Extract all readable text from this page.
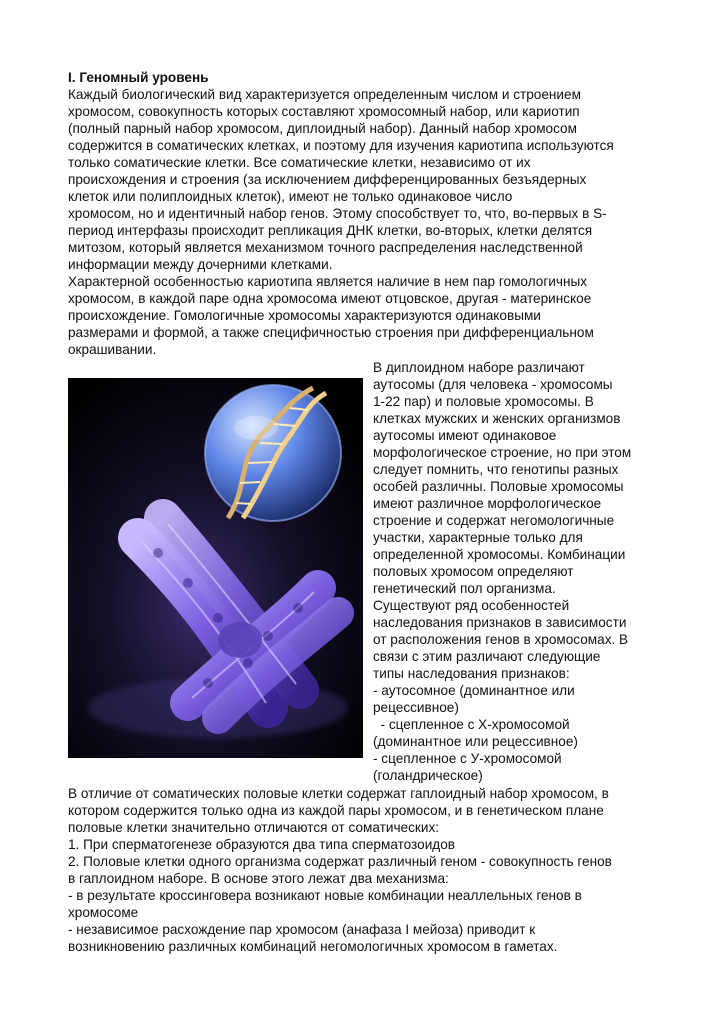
I. Геномный уровень

Каждый биологический вид характеризуется определенным числом и строением

хромосом, совокупность которых составляют хромосомный набор, или кариотип

(полный парный набор хромосом, диплоидный набор). Данный набор хромосом

содержится в соматических клетках, и поэтому для изучения кариотипа используются

только соматические клетки. Все соматические клетки, независимо от их

происхождения и строения (за исключением дифференцированных безъядерных

клеток или полиплоидных клеток), имеют не только одинаковое число

хромосом, но и идентичный набор генов. Этому способствует то, что, во-первых в S-

период интерфазы происходит репликация ДНК клетки, во-вторых, клетки делятся

митозом, который является механизмом точного распределения наследственной

информации между дочерними клетками.

Характерной особенностью кариотипа является наличие в нем пар гомологичных

хромосом, в каждой паре одна хромосома имеют отцовское, другая - материнское

происхождение. Гомологичные хромосомы характеризуются одинаковыми

размерами и формой, а также специфичностью строения при дифференциальном

окрашивании.

В диплоидном наборе различают

аутосомы (для человека - хромосомы

1-22 пар) и половые хромосомы. В

клетках мужских и женских организмов

аутосомы имеют одинаковое

морфологическое строение, но при этом

следует помнить, что генотипы разных

особей различны. Половые хромосомы

имеют различное морфологическое

строение и содержат негомологичные

участки, характерные только для

определенной хромосомы. Комбинации

половых хромосом определяют

генетический пол организма.

Существуют ряд особенностей

наследования признаков в зависимости

от расположения генов в хромосомах. В

связи с этим различают следующие

типы наследования признаков:

- аутосомное (доминантное или

рецессивное)

- сцепленное с Х-хромосомой

(доминантное или рецессивное)

- сцепленное с У-хромосомой

(голандрическое)

В отличие от соматических половые клетки содержат гаплоидный набор хромосом, в

котором содержится только одна из каждой пары хромосом, и в генетическом плане

половые клетки значительно отличаются от соматических:

1. При сперматогенезе образуются два типа сперматозоидов

2. Половые клетки одного организма содержат различный геном - совокупность генов

в гаплоидном наборе. В основе этого лежат два механизма:

- в результате кроссинговера возникают новые комбинации неаллельных генов в

хромосоме

- независимое расхождение пар хромосом (анафаза I мейоза) приводит к

возникновению различных комбинаций негомологичных хромосом в гаметах.
